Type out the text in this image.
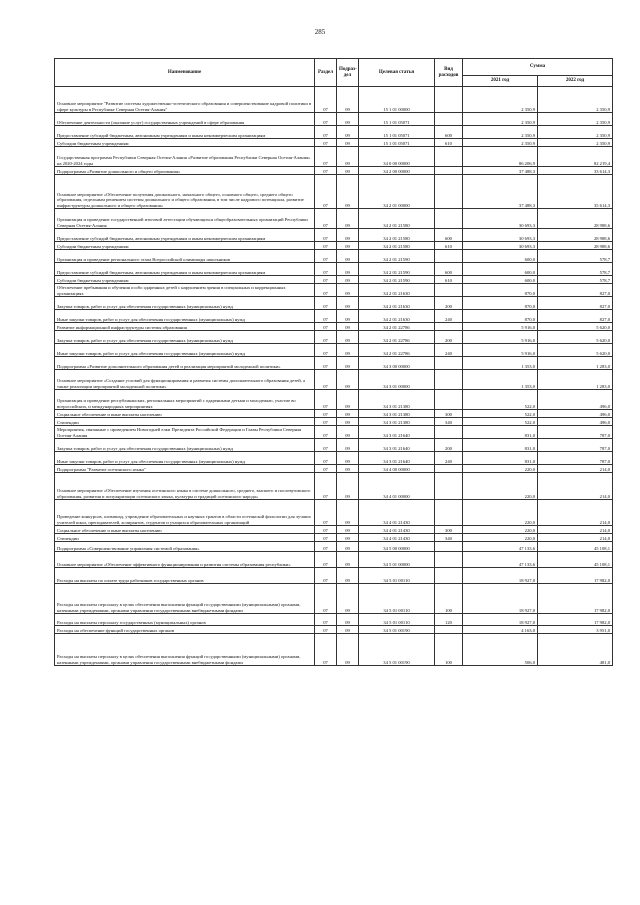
285
Наименование	Раздел	Подраз- дел	Целевая статья	Вид расходов	Сумма	
					2021 год	2022 год
Основное мероприятие "Развитие системы художественно-эстетического образования и совершенствование кадровой политики в сфере культуры в Республике Северная Осетия-Алания"	07	09	15 1 01 00000		2 350,9	2 350,9
Обеспечение деятельности (оказание услуг) государственных учреждений в сфере образования	07	09	15 1 01 05071		2 350,9	2 350,9
Предоставление субсидий бюджетным, автономным учреждениям и иным некоммерческим организациям	07	09	15 1 01 05071	600	2 350,9	2 350,9
Субсидии бюджетным учреждениям	07	09	15 1 01 05071	610	2 350,9	2 350,9
Государственная программа Республики Северная Осетия-Алания «Развитие образования Республики Северная Осетия-Алания» на 2020-2024 годы	07	09	34 0 00 00000		86 206,9	82 219,4
Подпрограмма «Развитие дошкольного и общего образования»	07	09	34 2 00 00000		37 488,3	33 614,3
Основное мероприятие «Обеспечение получения дошкольного, начального общего, основного общего, среднего общего образования, отдельным решением системы дошкольного и общего образования, в том числе кадрового потенциала, развитие инфраструктуры дошкольного и общего образования»	07	09	34 2 01 00000		37 488,3	35 614,3
Организация и проведение государственной итоговой аттестации обучающихся общеобразовательных организаций Республики Северная Осетия-Алания	07	09	34 2 01 21580		30 693,3	28 988,6
Предоставление субсидий бюджетным, автономным учреждениям и иным некоммерческим организациям	07	09	34 2 01 21580	600	30 693,3	28 988,6
Субсидии бюджетным учреждениям	07	09	34 2 01 21580	610	30 693,3	28 988,6
Организация и проведение регионального этапа Всероссийской олимпиады школьников	07	09	34 2 01 21590		600,0	578,7
Предоставление субсидий бюджетным, автономным учреждениям и иным некоммерческим организациям	07	09	34 2 01 21590	600	600,0	578,7
Субсидии бюджетным учреждениям	07	09	34 2 01 21590	610	600,0	578,7
Обеспечение пребывания и обучения особо одаренных детей с нарушением зрения в специальных и коррекционных организациях	07	09	34 2 01 21630		870,0	827,0
Закупка товаров, работ и услуг для обеспечения государственных (муниципальных) нужд	07	09	34 2 01 21630	200	870,0	827,0
Иные закупки товаров, работ и услуг для обеспечения государственных (муниципальных) нужд	07	09	34 2 01 21630	240	870,0	827,0
Развитие информационной инфраструктуры системы образования	07	09	34 2 01 22786		5 916,0	5 620,0
Закупка товаров, работ и услуг для обеспечения государственных (муниципальных) нужд	07	09	34 2 01 22786	200	5 916,0	5 620,0
Иные закупки товаров, работ и услуг для обеспечения государственных (муниципальных) нужд	07	09	34 2 01 22786	240	5 916,0	5 620,0
Подпрограмма «Развитие дополнительного образования детей и реализация мероприятий молодежной политики»	07	09	34 3 00 00000		1 353,0	1 283,0
Основное мероприятие «Создание условий для функционирования и развития системы дополнительного образования детей, а также реализации мероприятий молодежной политики»	07	09	34 3 01 00000		1 353,0	1 283,0
Организация и проведение республиканских, региональных мероприятий с одаренными детьми и молодежью, участие во всероссийских, и международных мероприятиях	07	09	34 3 01 21380		522,0	496,0
Социальное обеспечение и иные выплаты населению	07	09	34 3 01 21380	300	522,0	496,0
Стипендии	07	09	34 3 01 21380	340	522,0	496,0
Мероприятия, связанные с проведением Новогодней елки Президента Российской Федерации и Главы Республики Северная Осетия-Алания	07	09	34 3 01 21640		831,0	787,0
Закупка товаров, работ и услуг для обеспечения государственных (муниципальных) нужд	07	09	34 3 01 21640	200	831,0	787,0
Иные закупки товаров, работ и услуг для обеспечения государственных (муниципальных) нужд	07	09	34 3 01 21640	240	831,0	787,0
Подпрограмма "Развитие осетинского языка"	07	09	34 4 00 00000		220,0	214,0
Основное мероприятие «Обеспечение изучения осетинского языка в системе дошкольного, среднего, высшего и послевузовского образования, развития и популяризации осетинского языка, культуры и традиций осетинского народа»	07	09	34 4 01 00000		220,0	214,0
Проведение конкурсов, олимпиад, учреждение образовательных и научных грантов в области осетинской филологии для лучших учителей школ, преподавателей, аспирантов, студентов и учащихся образовательных организаций	07	09	34 4 01 21430		220,0	214,0
Социальное обеспечение и иные выплаты населению	07	09	34 4 01 21430	300	220,0	214,0
Стипендии	07	09	34 4 01 21430	340	220,0	214,0
Подпрограмма «Совершенствование управления системой образования»	07	09	34 5 00 00000		47 133,6	45 108,1
Основное мероприятие «Обеспечение эффективного функционирования и развития системы образования республики»	07	09	34 5 01 00000		47 133,6	45 108,1
Расходы на выплаты по оплате труда работников государственных органов	07	09	34 5 01 00110		18 927,0	17 982,0
Расходы на выплаты персоналу в целях обеспечения выполнения функций государственными (муниципальными) органами, казенными учреждениями, органами управления государственными внебюджетными фондами	07	09	34 5 01 00110	100	18 927,0	17 982,0
Расходы на выплаты персоналу государственных (муниципальных) органов	07	09	34 5 01 00110	120	18 927,0	17 982,0
Расходы на обеспечение функций государственных органов	07	09	34 5 01 00190		4 163,0	3 951,0
Расходы на выплаты персоналу в целях обеспечения выполнения функций государственными (муниципальными) органами, казенными учреждениями, органами управления государственными внебюджетными фондами	07	09	34 5 01 00190	100	506,0	481,0
